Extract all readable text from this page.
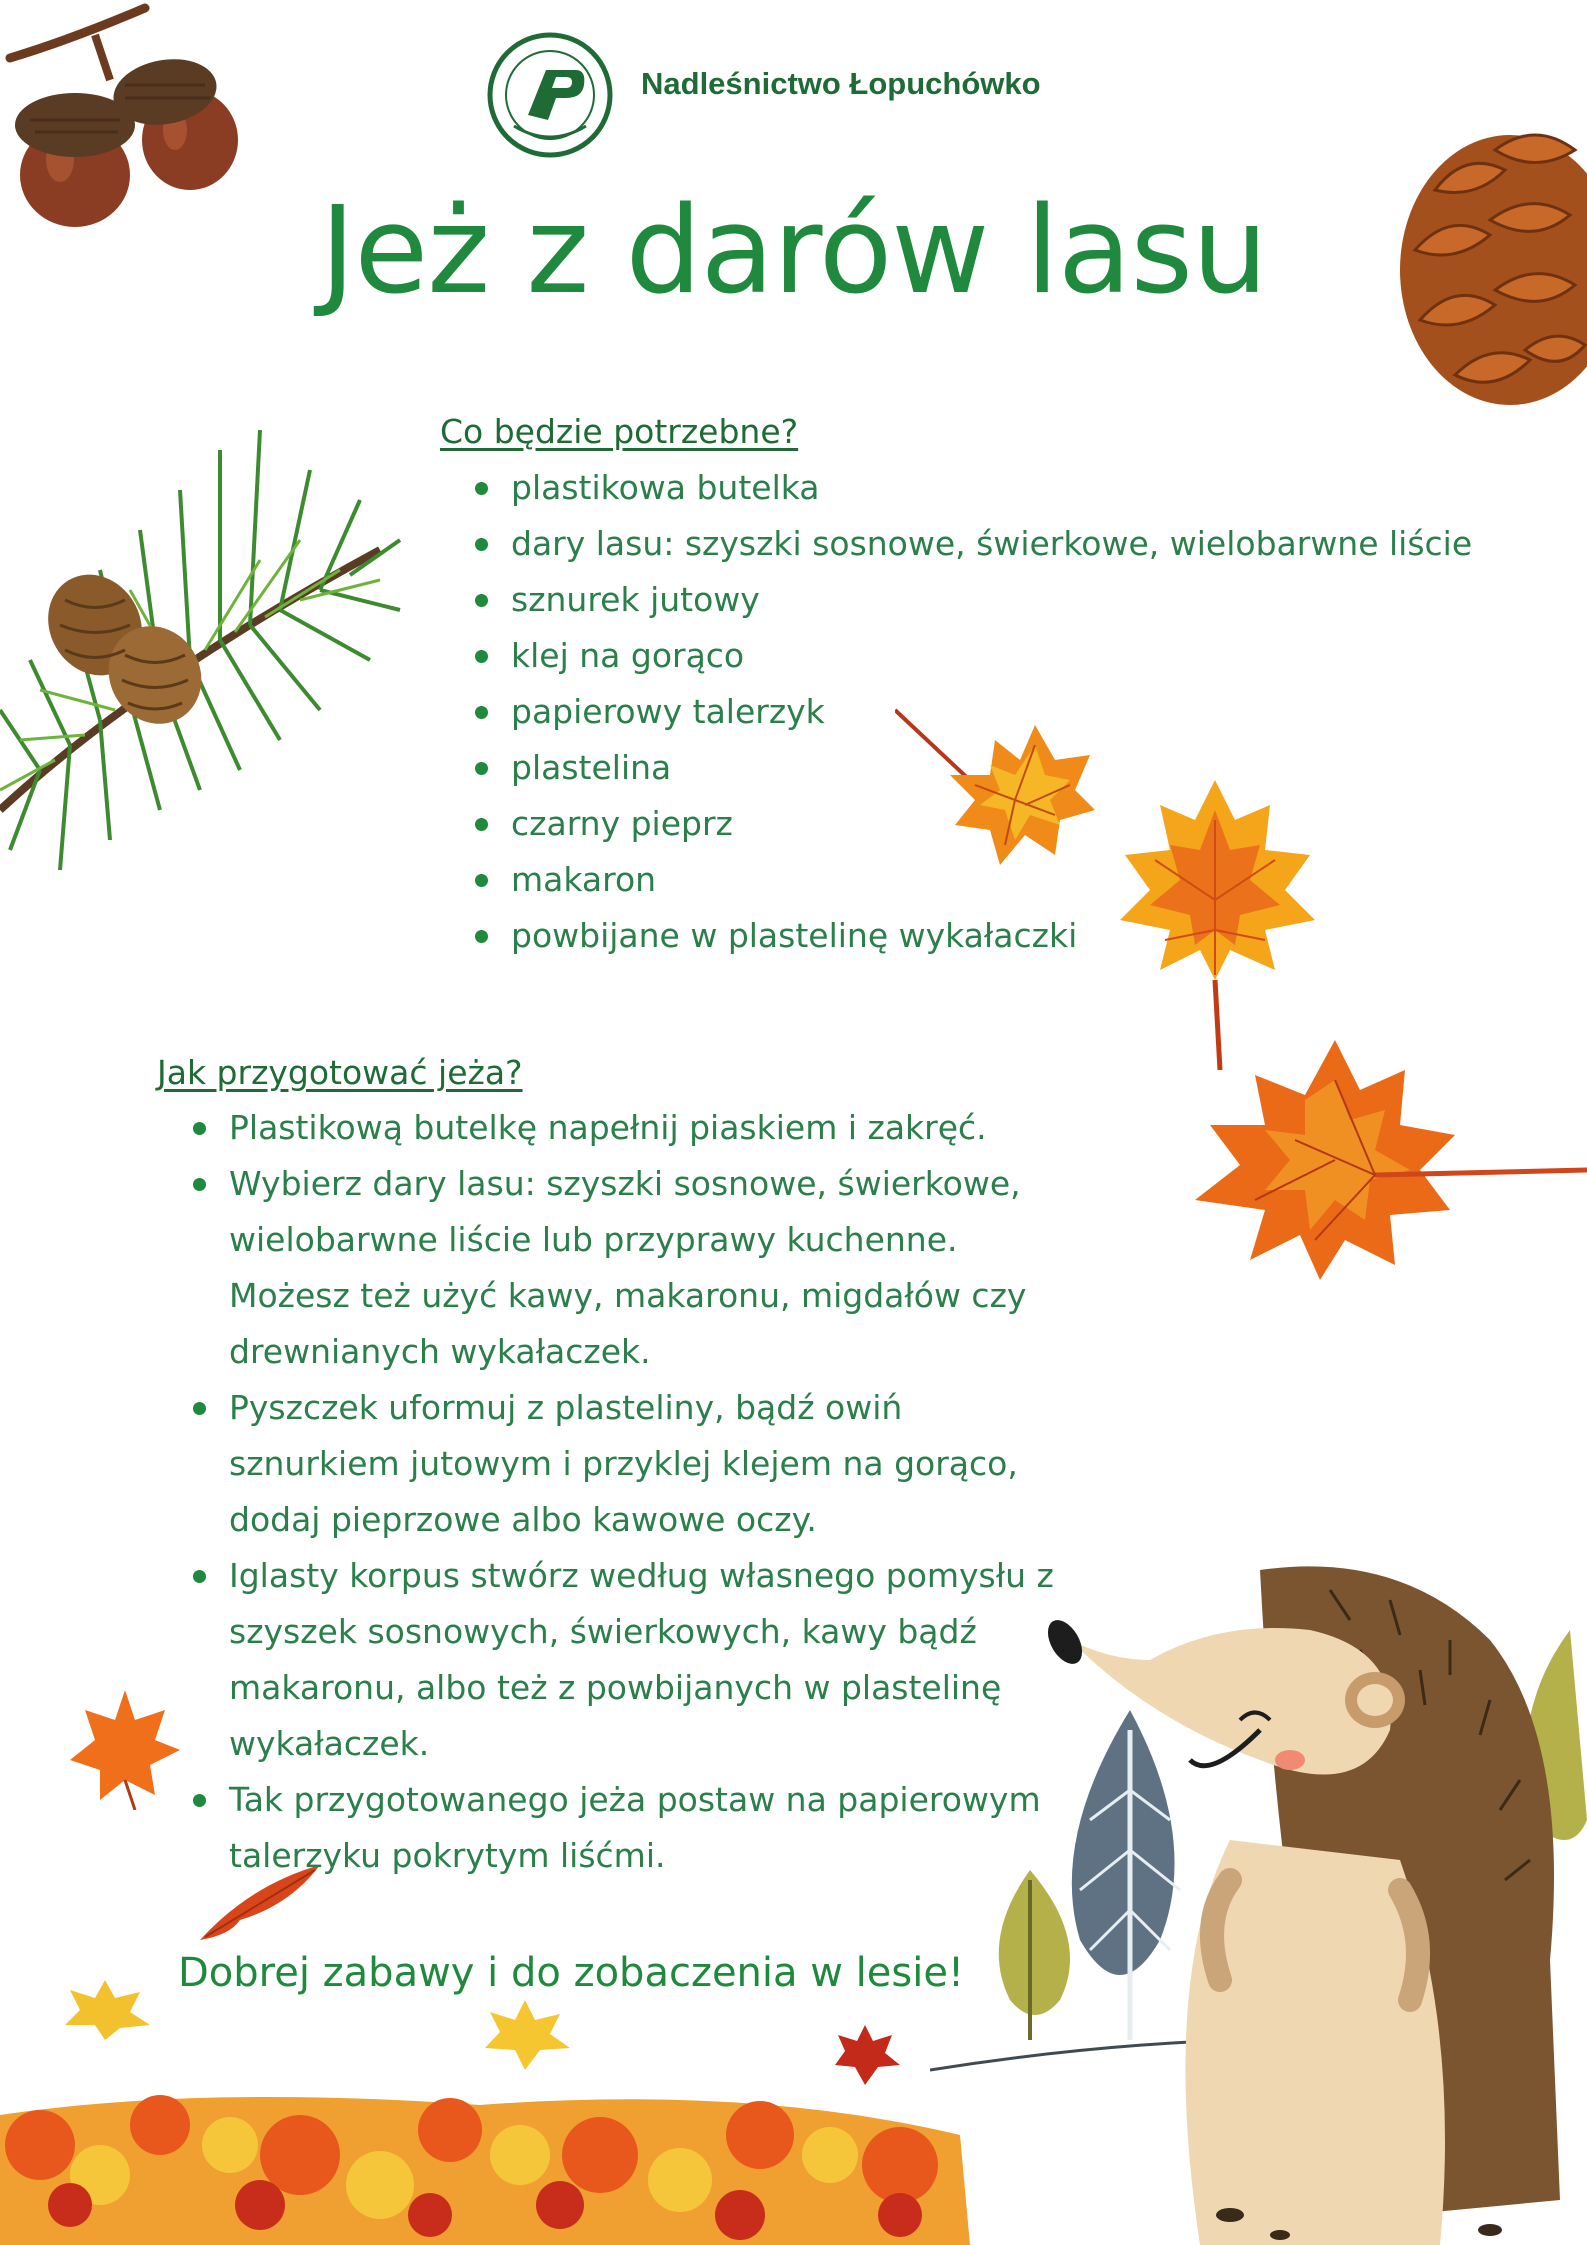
Nadleśnictwo Łopuchówko
Jeż z darów lasu
Co będzie potrzebne?
plastikowa butelka
dary lasu: szyszki sosnowe, świerkowe, wielobarwne liście
sznurek jutowy
klej na gorąco
papierowy talerzyk
plastelina
czarny pieprz
makaron
powbijane w plastelinę wykałaczki
Jak przygotować jeża?
Plastikową butelkę napełnij piaskiem i zakręć.
Wybierz dary lasu: szyszki sosnowe, świerkowe, wielobarwne liście lub przyprawy kuchenne. Możesz też użyć kawy, makaronu, migdałów czy drewnianych wykałaczek.
Pyszczek uformuj z plasteliny, bądź owiń sznurkiem jutowym i przyklej klejem na gorąco, dodaj pieprzowe albo kawowe oczy.
Iglasty korpus stwórz według własnego pomysłu z szyszek sosnowych, świerkowych, kawy bądź makaronu, albo też z powbijanych w plastelinę wykałaczek.
Tak przygotowanego jeża postaw na papierowym talerzyku pokrytym liśćmi.
Dobrej zabawy i do zobaczenia w lesie!
